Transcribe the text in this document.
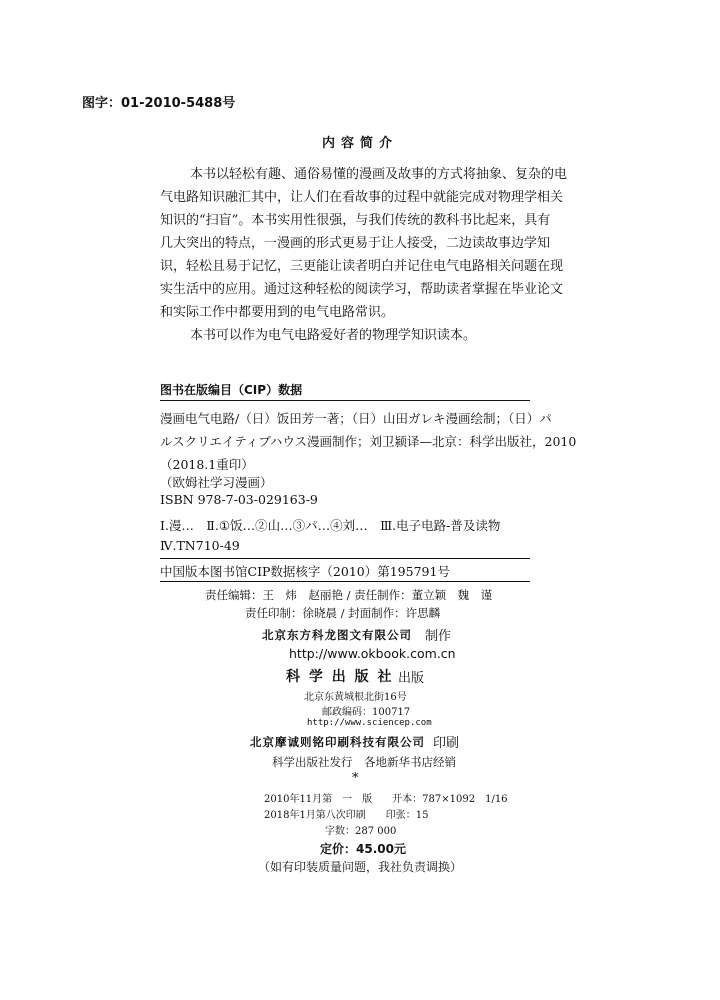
图字：01-2010-5488号
内容简介
本书以轻松有趣、通俗易懂的漫画及故事的方式将抽象、复杂的电
气电路知识融汇其中，让人们在看故事的过程中就能完成对物理学相关
知识的“扫盲”。本书实用性很强，与我们传统的教科书比起来，具有
几大突出的特点，一漫画的形式更易于让人接受，二边读故事边学知
识，轻松且易于记忆，三更能让读者明白并记住电气电路相关问题在现
实生活中的应用。通过这种轻松的阅读学习，帮助读者掌握在毕业论文
和实际工作中都要用到的电气电路常识。
本书可以作为电气电路爱好者的物理学知识读本。
图书在版编目（CIP）数据
漫画电气电路/（日）饭田芳一著；（日）山田ガレキ漫画绘制；（日）パ
ルスクリエイティブハウス漫画制作；刘卫颍译—北京：科学出版社，2010
（2018.1重印）
（欧姆社学习漫画）
ISBN 978-7-03-029163-9
Ⅰ.漫…　Ⅱ.①饭…②山…③パ…④刘…　Ⅲ.电子电路-普及读物
Ⅳ.TN710-49
中国版本图书馆CIP数据核字（2010）第195791号
责任编辑：王　炜　赵丽艳 / 责任制作：董立颖　魏　谨
责任印制：徐晓晨 / 封面制作：许思麟
北京东方科龙图文有限公司 制作
http://www.okbook.com.cn
科 学 出 版 社 出版
北京东黄城根北街16号
邮政编码：100717
http://www.sciencep.com
北京摩诚则铭印刷科技有限公司 印刷
科学出版社发行　各地新华书店经销
*
2010年11月第　一　版　　开本：787×1092　1/16
2018年1月第八次印刷　　印张：15
字数：287 000
定价：45.00元
（如有印装质量问题，我社负责调换）
